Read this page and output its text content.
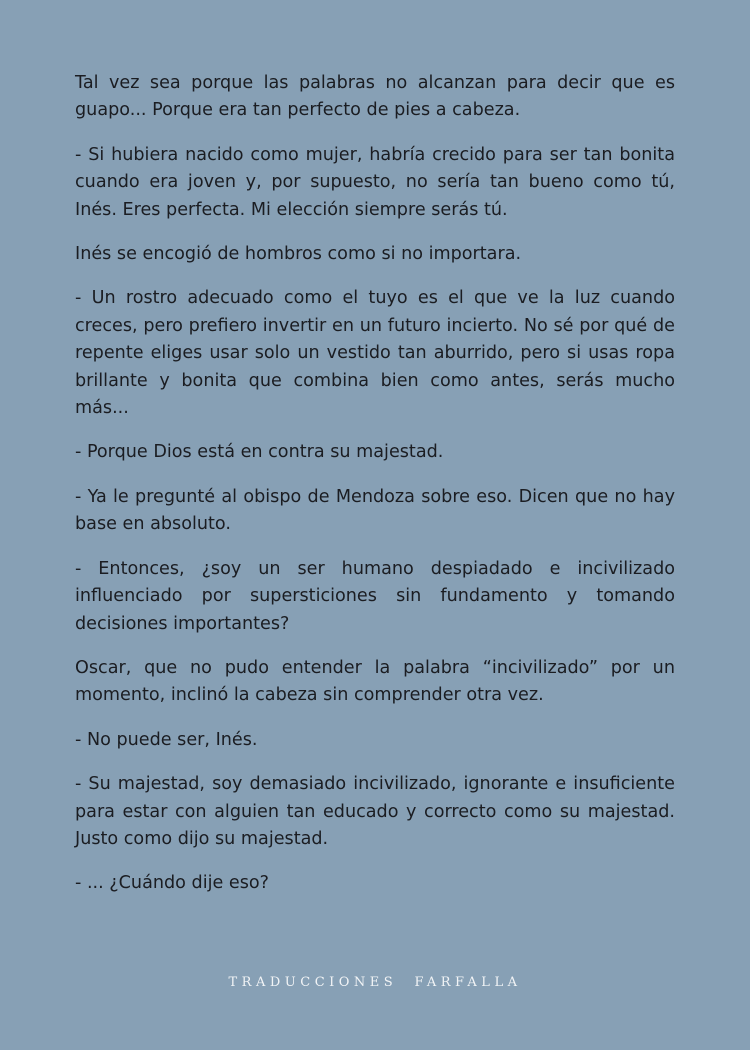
Tal vez sea porque las palabras no alcanzan para decir que es guapo... Porque era tan perfecto de pies a cabeza.

- Si hubiera nacido como mujer, habría crecido para ser tan bonita cuando era joven y, por supuesto, no sería tan bueno como tú, Inés. Eres perfecta. Mi elección siempre serás tú.

Inés se encogió de hombros como si no importara.

- Un rostro adecuado como el tuyo es el que ve la luz cuando creces, pero prefiero invertir en un futuro incierto. No sé por qué de repente eliges usar solo un vestido tan aburrido, pero si usas ropa brillante y bonita que combina bien como antes, serás mucho más...

- Porque Dios está en contra su majestad.

- Ya le pregunté al obispo de Mendoza sobre eso. Dicen que no hay base en absoluto.

- Entonces, ¿soy un ser humano despiadado e incivilizado influenciado por supersticiones sin fundamento y tomando decisiones importantes?

Oscar, que no pudo entender la palabra “incivilizado” por un momento, inclinó la cabeza sin comprender otra vez.

- No puede ser, Inés.

- Su majestad, soy demasiado incivilizado, ignorante e insuficiente para estar con alguien tan educado y correcto como su majestad. Justo como dijo su majestad.

- ... ¿Cuándo dije eso?

TRADUCCIONES  FARFALLA
